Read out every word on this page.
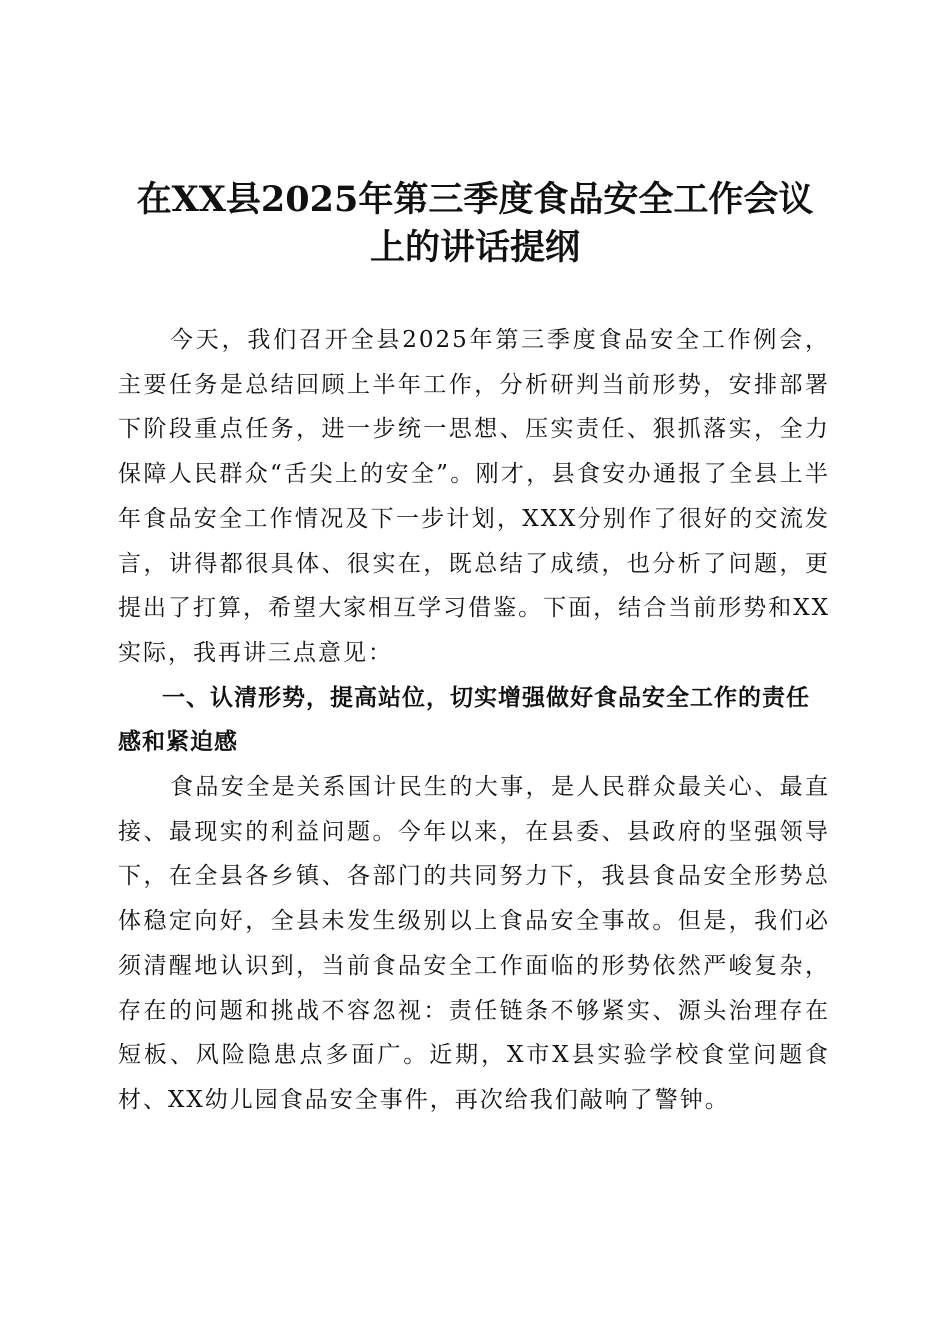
在XX县2025年第三季度食品安全工作会议
上的讲话提纲

今天，我们召开全县2025年第三季度食品安全工作例会，主要任务是总结回顾上半年工作，分析研判当前形势，安排部署下阶段重点任务，进一步统一思想、压实责任、狠抓落实，全力保障人民群众“舌尖上的安全”。刚才，县食安办通报了全县上半年食品安全工作情况及下一步计划，XXX分别作了很好的交流发言，讲得都很具体、很实在，既总结了成绩，也分析了问题，更提出了打算，希望大家相互学习借鉴。下面，结合当前形势和XX实际，我再讲三点意见：

一、认清形势，提高站位，切实增强做好食品安全工作的责任感和紧迫感

食品安全是关系国计民生的大事，是人民群众最关心、最直接、最现实的利益问题。今年以来，在县委、县政府的坚强领导下，在全县各乡镇、各部门的共同努力下，我县食品安全形势总体稳定向好，全县未发生级别以上食品安全事故。但是，我们必须清醒地认识到，当前食品安全工作面临的形势依然严峻复杂，存在的问题和挑战不容忽视：责任链条不够紧实、源头治理存在短板、风险隐患点多面广。近期，X市X县实验学校食堂问题食材、XX幼儿园食品安全事件，再次给我们敲响了警钟。
